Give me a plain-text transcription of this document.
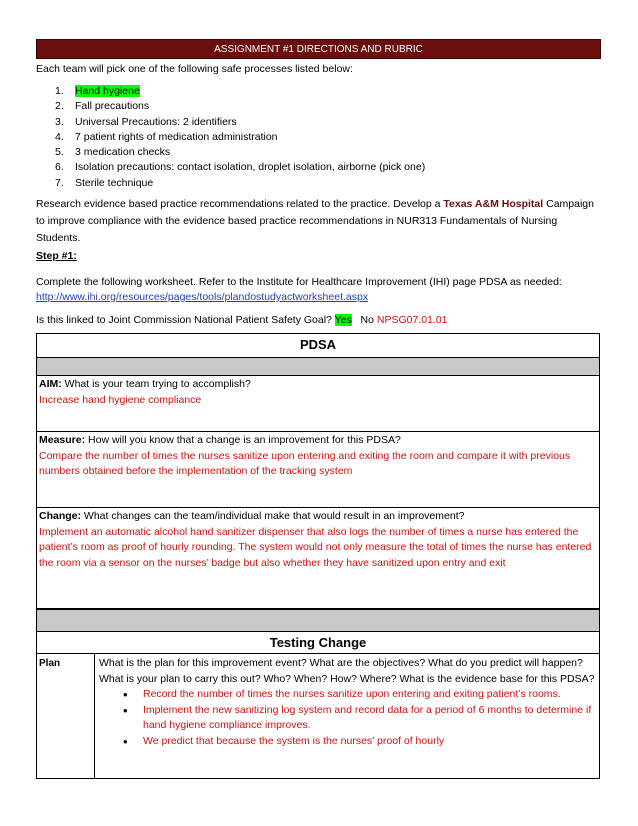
ASSIGNMENT #1 DIRECTIONS AND RUBRIC
Each team will pick one of the following safe processes listed below:
1. Hand hygiene
2. Fall precautions
3. Universal Precautions: 2 identifiers
4. 7 patient rights of medication administration
5. 3 medication checks
6. Isolation precautions: contact isolation, droplet isolation, airborne (pick one)
7. Sterile technique
Research evidence based practice recommendations related to the practice. Develop a Texas A&M Hospital Campaign to improve compliance with the evidence based practice recommendations in NUR313 Fundamentals of Nursing Students.
Step #1:
Complete the following worksheet. Refer to the Institute for Healthcare Improvement (IHI) page PDSA as needed:
http://www.ihi.org/resources/pages/tools/plandostudyactworksheet.aspx
Is this linked to Joint Commission National Patient Safety Goal? Yes No NPSG07.01.01
PDSA
AIM: What is your team trying to accomplish?
Increase hand hygiene compliance
Measure: How will you know that a change is an improvement for this PDSA?
Compare the number of times the nurses sanitize upon entering and exiting the room and compare it with previous numbers obtained before the implementation of the tracking system
Change: What changes can the team/individual make that would result in an improvement?
Implement an automatic alcohol hand sanitizer dispenser that also logs the number of times a nurse has entered the patient’s room as proof of hourly rounding. The system would not only measure the total of times the nurse has entered the room via a sensor on the nurses’ badge but also whether they have sanitized upon entry and exit
Testing Change
Plan	What is the plan for this improvement event? What are the objectives? What do you predict will happen? What is your plan to carry this out? Who? When? How? Where? What is the evidence base for this PDSA?
• Record the number of times the nurses sanitize upon entering and exiting patient’s rooms.
• Implement the new sanitizing log system and record data for a period of 6 months to determine if hand hygiene compliance improves.
• We predict that because the system is the nurses’ proof of hourly
